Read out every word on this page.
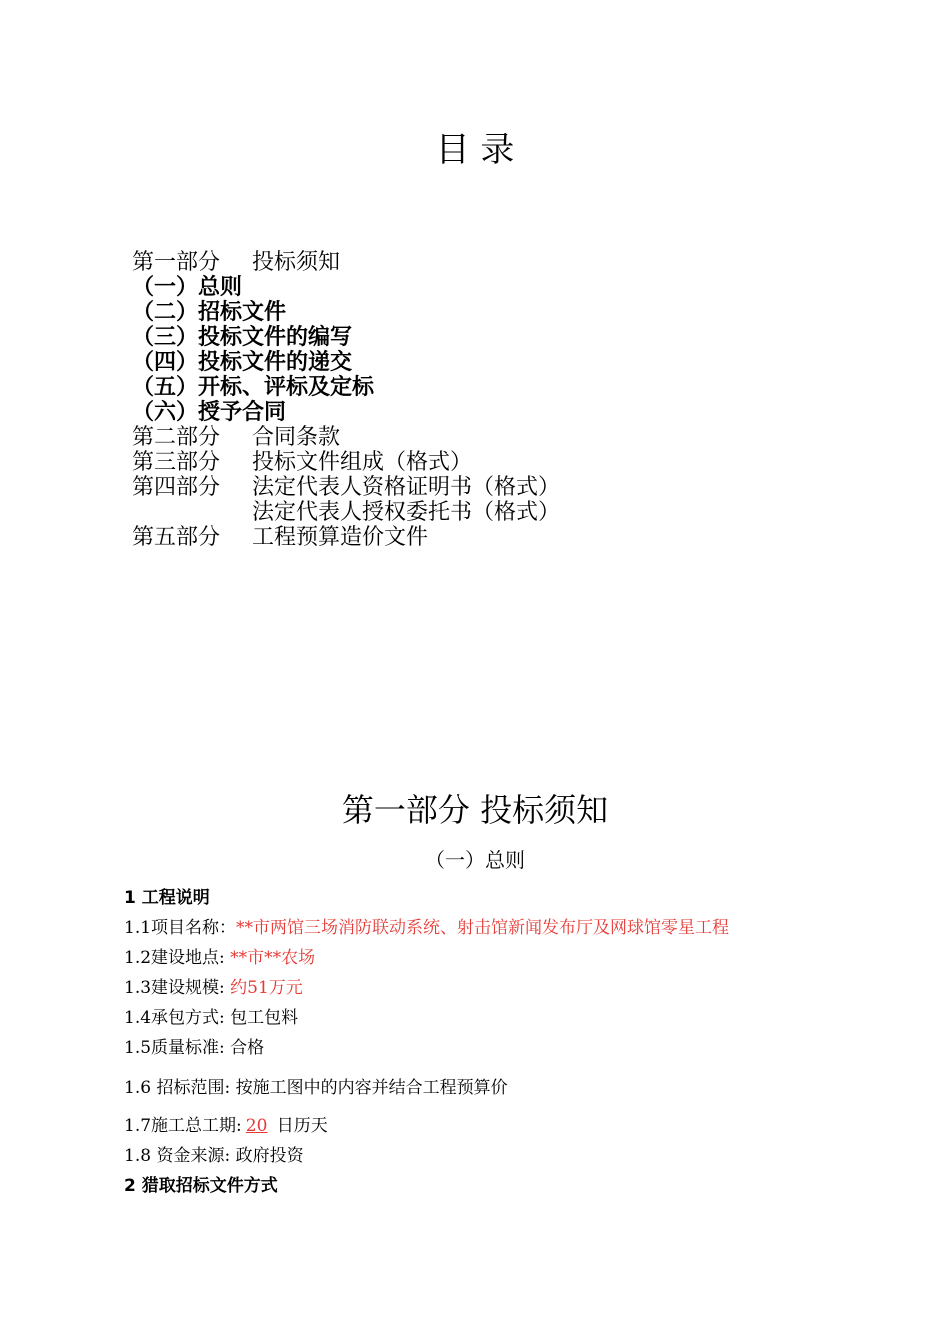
目 录
第一部分 投标须知
（一）总则
（二）招标文件
（三）投标文件的编写
（四）投标文件的递交
（五）开标、评标及定标
（六）授予合同
第二部分 合同条款
第三部分 投标文件组成（格式）
第四部分 法定代表人资格证明书（格式）
法定代表人授权委托书（格式）
第五部分 工程预算造价文件
第一部分 投标须知
（一）总则
1 工程说明
1.1项目名称：**市两馆三场消防联动系统、射击馆新闻发布厅及网球馆零星工程
1.2建设地点: **市**农场
1.3建设规模: 约51万元
1.4承包方式: 包工包料
1.5质量标准: 合格
1.6 招标范围: 按施工图中的内容并结合工程预算价
1.7施工总工期: 20 日历天
1.8 资金来源: 政府投资
2 猎取招标文件方式
